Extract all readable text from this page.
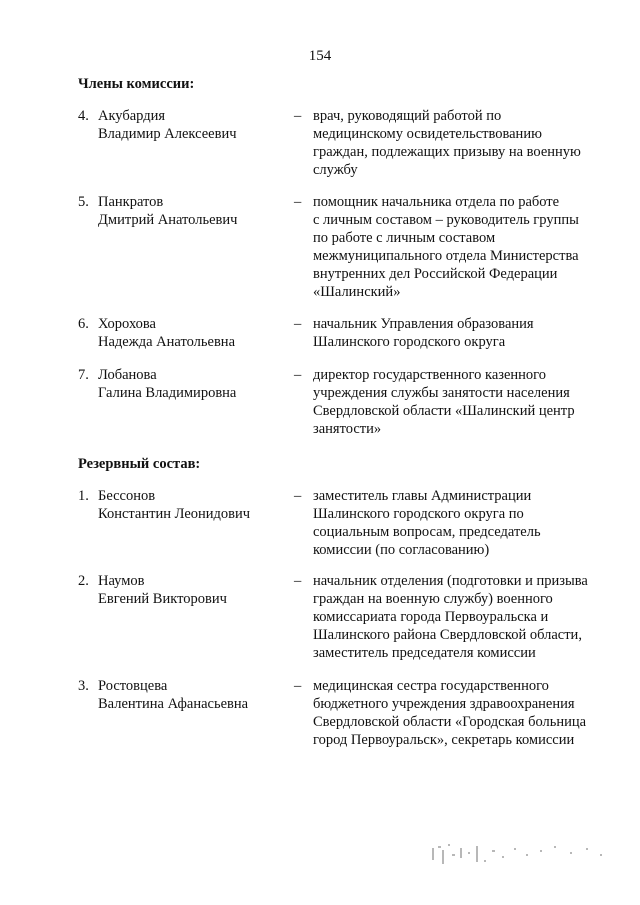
154
Члены комиссии:
4. Акубардия
Владимир Алексеевич
– врач, руководящий работой по
медицинскому освидетельствованию
граждан, подлежащих призыву на военную
службу
5. Панкратов
Дмитрий Анатольевич
– помощник начальника отдела по работе
с личным составом – руководитель группы
по работе с личным составом
межмуниципального отдела Министерства
внутренних дел Российской Федерации
«Шалинский»
6. Хорохова
Надежда Анатольевна
– начальник Управления образования
Шалинского городского округа
7. Лобанова
Галина Владимировна
– директор государственного казенного
учреждения службы занятости населения
Свердловской области «Шалинский центр
занятости»
Резервный состав:
1. Бессонов
Константин Леонидович
– заместитель главы Администрации
Шалинского городского округа по
социальным вопросам, председатель
комиссии (по согласованию)
2. Наумов
Евгений Викторович
– начальник отделения (подготовки и призыва
граждан на военную службу) военного
комиссариата города Первоуральска и
Шалинского района Свердловской области,
заместитель председателя комиссии
3. Ростовцева
Валентина Афанасьевна
– медицинская сестра государственного
бюджетного учреждения здравоохранения
Свердловской области «Городская больница
город Первоуральск», секретарь комиссии
